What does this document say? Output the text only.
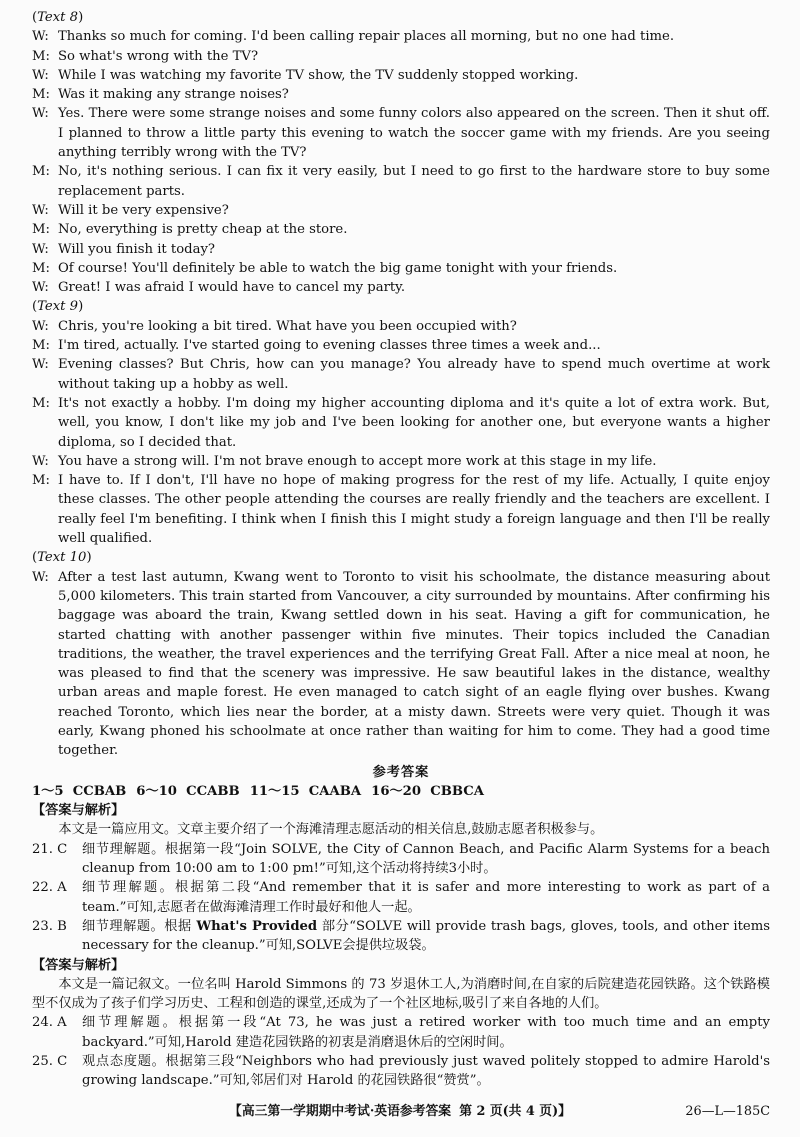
(Text 8)
W: Thanks so much for coming. I'd been calling repair places all morning, but no one had time.
M: So what's wrong with the TV?
W: While I was watching my favorite TV show, the TV suddenly stopped working.
M: Was it making any strange noises?
W: Yes. There were some strange noises and some funny colors also appeared on the screen. Then it shut off. I planned to throw a little party this evening to watch the soccer game with my friends. Are you seeing anything terribly wrong with the TV?
M: No, it's nothing serious. I can fix it very easily, but I need to go first to the hardware store to buy some replacement parts.
W: Will it be very expensive?
M: No, everything is pretty cheap at the store.
W: Will you finish it today?
M: Of course! You'll definitely be able to watch the big game tonight with your friends.
W: Great! I was afraid I would have to cancel my party.
(Text 9)
W: Chris, you're looking a bit tired. What have you been occupied with?
M: I'm tired, actually. I've started going to evening classes three times a week and...
W: Evening classes? But Chris, how can you manage? You already have to spend much overtime at work without taking up a hobby as well.
M: It's not exactly a hobby. I'm doing my higher accounting diploma and it's quite a lot of extra work. But, well, you know, I don't like my job and I've been looking for another one, but everyone wants a higher diploma, so I decided that.
W: You have a strong will. I'm not brave enough to accept more work at this stage in my life.
M: I have to. If I don't, I'll have no hope of making progress for the rest of my life. Actually, I quite enjoy these classes. The other people attending the courses are really friendly and the teachers are excellent. I really feel I'm benefiting. I think when I finish this I might study a foreign language and then I'll be really well qualified.
(Text 10)
W: After a test last autumn, Kwang went to Toronto to visit his schoolmate, the distance measuring about 5,000 kilometers. This train started from Vancouver, a city surrounded by mountains. After confirming his baggage was aboard the train, Kwang settled down in his seat. Having a gift for communication, he started chatting with another passenger within five minutes. Their topics included the Canadian traditions, the weather, the travel experiences and the terrifying Great Fall. After a nice meal at noon, he was pleased to find that the scenery was impressive. He saw beautiful lakes in the distance, wealthy urban areas and maple forest. He even managed to catch sight of an eagle flying over bushes. Kwang reached Toronto, which lies near the border, at a misty dawn. Streets were very quiet. Though it was early, Kwang phoned his schoolmate at once rather than waiting for him to come. They had a good time together.
参考答案
1～5 CCBAB 6～10 CCABB 11～15 CAABA 16～20 CBBCA
【答案与解析】

本文是一篇应用文。文章主要介绍了一个海滩清理志愿活动的相关信息,鼓励志愿者积极参与。

21. C	细节理解题。根据第一段“Join SOLVE, the City of Cannon Beach, and Pacific Alarm Systems for a beach cleanup from 10:00 am to 1:00 pm!”可知,这个活动将持续3小时。
22. A	细节理解题。根据第二段“And remember that it is safer and more interesting to work as part of a team.”可知,志愿者在做海滩清理工作时最好和他人一起。
23. B	细节理解题。根据 What's Provided 部分“SOLVE will provide trash bags, gloves, tools, and other items necessary for the cleanup.”可知,SOLVE会提供垃圾袋。
【答案与解析】

本文是一篇记叙文。一位名叫 Harold Simmons 的 73 岁退休工人,为消磨时间,在自家的后院建造花园铁路。这个铁路模型不仅成为了孩子们学习历史、工程和创造的课堂,还成为了一个社区地标,吸引了来自各地的人们。

24. A	细节理解题。根据第一段“At 73, he was just a retired worker with too much time and an empty backyard.”可知,Harold 建造花园铁路的初衷是消磨退休后的空闲时间。
25. C	观点态度题。根据第三段“Neighbors who had previously just waved politely stopped to admire Harold's growing landscape.”可知,邻居们对 Harold 的花园铁路很“赞赏”。
【高三第一学期期中考试·英语参考答案
第 2 页(共 4 页)】	26—L—185C
